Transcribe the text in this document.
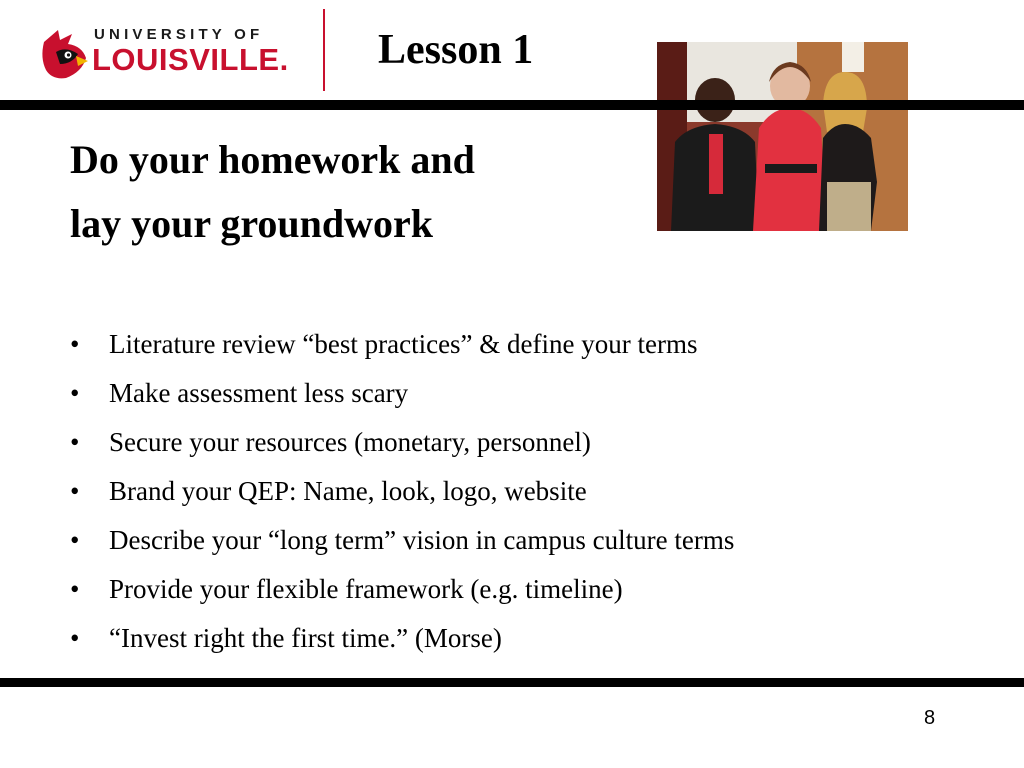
UNIVERSITY OF
LOUISVILLE. Lesson 1
Do your homework and
lay your groundwork
• Literature review “best practices” & define your terms
• Make assessment less scary
• Secure your resources (monetary, personnel)
• Brand your QEP: Name, look, logo, website
• Describe your “long term” vision in campus culture terms
• Provide your flexible framework (e.g. timeline)
• “Invest right the first time.” (Morse)
8
